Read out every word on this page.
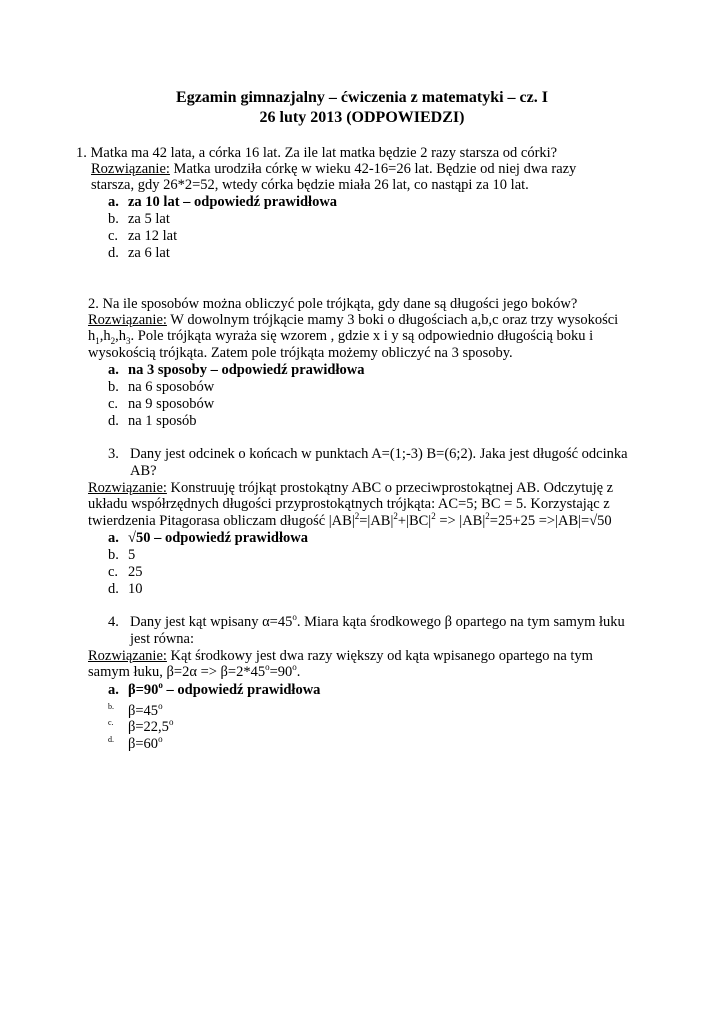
Egzamin gimnazjalny – ćwiczenia z matematyki – cz. I
26 luty 2013 (ODPOWIEDZI)
1. Matka ma 42 lata, a córka 16 lat. Za ile lat matka będzie 2 razy starsza od córki?
Rozwiązanie: Matka urodziła córkę w wieku 42-16=26 lat. Będzie od niej dwa razy
starsza, gdy 26*2=52, wtedy córka będzie miała 26 lat, co nastąpi za 10 lat.
a. za 10 lat – odpowiedź prawidłowa
b. za 5 lat
c. za 12 lat
d. za 6 lat
2. Na ile sposobów można obliczyć pole trójkąta, gdy dane są długości jego boków?
Rozwiązanie: W dowolnym trójkącie mamy 3 boki o długościach a,b,c oraz trzy wysokości
$h_1,h_2,h_3$. Pole trójkąta wyraża się wzorem , gdzie x i y są odpowiednio długością boku i
wysokością trójkąta. Zatem pole trójkąta możemy obliczyć na 3 sposoby.
a. na 3 sposoby – odpowiedź prawidłowa
b. na 6 sposobów
c. na 9 sposobów
d. na 1 sposób
3. Dany jest odcinek o końcach w punktach A=(1;-3) B=(6;2). Jaka jest długość odcinka
AB?
Rozwiązanie: Konstruuję trójkąt prostokątny ABC o przeciwprostokątnej AB. Odczytuję z
układu współrzędnych długości przyprostokątnych trójkąta: AC=5; BC = 5. Korzystając z
twierdzenia Pitagorasa obliczam długość $|AB|^2=|AB|^2+|BC|^2 => |AB|^2=25+25 =>|AB|=√50$
a. √50 – odpowiedź prawidłowa
b. 5
c. 25
d. 10
4. Dany jest kąt wpisany $\alpha=45^o$. Miara kąta środkowego β opartego na tym samym łuku
jest równa:
Rozwiązanie: Kąt środkowy jest dwa razy większy od kąta wpisanego opartego na tym
samym łuku, $\beta=2\alpha => \beta=2*45^o=90^o$.
a. $\beta=90^o$ – odpowiedź prawidłowa
b. $\beta=45^o$
c. $\beta=22,5^o$
d. $\beta=60^o$
